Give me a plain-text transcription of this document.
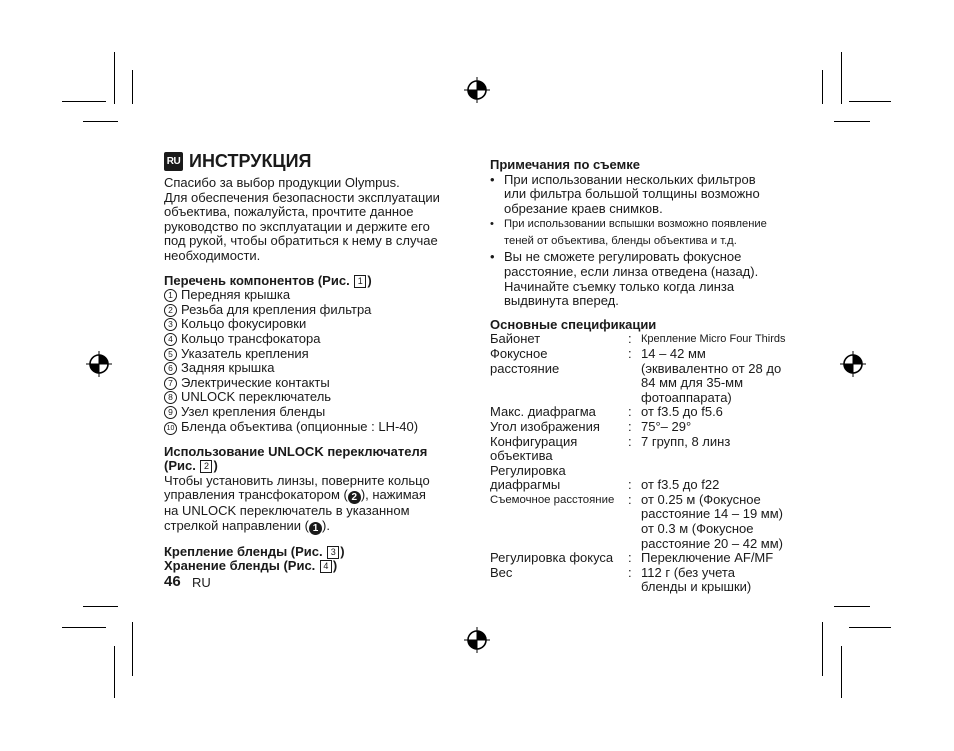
RU ИНСТРУКЦИЯ
Спасибо за выбор продукции Olympus.
Для обеспечения безопасности эксплуатации
объектива, пожалуйста, прочтите данное
руководство по эксплуатации и держите его
под рукой, чтобы обратиться к нему в случае
необходимости.
Перечень компонентов (Рис. 1 )
1 Передняя крышка
2 Резьба для крепления фильтра
3 Кольцо фокусировки
4 Кольцо трансфокатора
5 Указатель крепления
6 Задняя крышка
7 Электрические контакты
8 UNLOCK переключатель
9 Узел крепления бленды
10 Бленда объектива (опционные : LH-40)
Использование UNLOCK переключателя
(Рис. 2 )
Чтобы установить линзы, поверните кольцо
управления трансфокатором ( 2 ), нажимая
на UNLOCK переключатель в указанном
стрелкой направлении ( 1 ).
Крепление бленды (Рис. 3 )
Хранение бленды (Рис. 4 )
46 RU
Примечания по съемке
• При использовании нескольких фильтров
или фильтра большой толщины возможно
обрезание краев снимков.
• При использовании вспышки возможно появление
теней от объектива, бленды объектива и т.д.
• Вы не сможете регулировать фокусное
расстояние, если линза отведена (назад).
Начинайте съемку только когда линза
выдвинута вперед.
Основные спецификации
Байонет	: Крепление Micro Four Thirds
Фокусное
расстояние
: 14 – 42 мм
(эквивалентно от 28 до
84 мм для 35-мм
фотоаппарата)
Макс. диафрагма	: от f3.5 до f5.6
Угол изображения	: 75°– 29°
Конфигурация
объектива
: 7 групп, 8 линз
Регулировка
диафрагмы
	:
от f3.5 до f22
Съемочное расстояние	: от 0.25 м (Фокусное
расстояние 14 – 19 мм)
от 0.3 м (Фокусное
расстояние 20 – 42 мм)
Регулировка фокуса	: Переключение AF/MF
Вес	: 112 г (без учета
бленды и крышки)
